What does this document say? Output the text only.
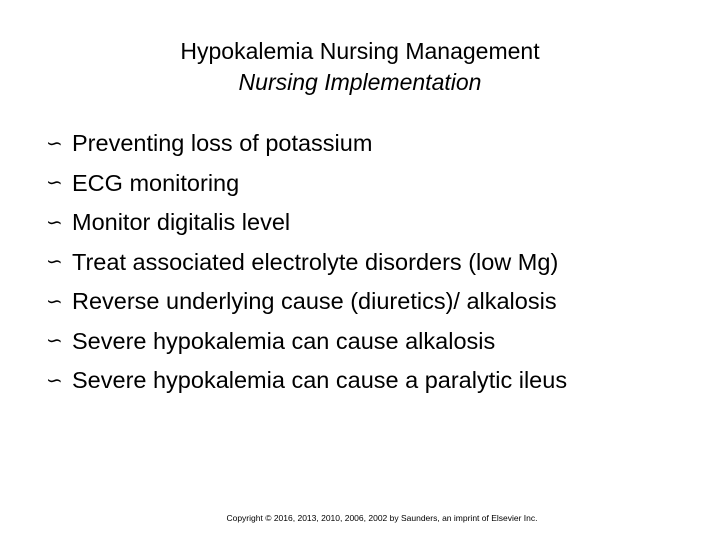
Hypokalemia Nursing Management
Nursing Implementation
∽ Preventing loss of potassium
∽ ECG monitoring
∽ Monitor digitalis level
∽ Treat associated electrolyte disorders (low Mg)
∽ Reverse underlying cause (diuretics)/ alkalosis
∽ Severe hypokalemia can cause alkalosis
∽ Severe hypokalemia can cause a paralytic ileus
Copyright © 2016, 2013, 2010, 2006, 2002 by Saunders, an imprint of Elsevier Inc.
